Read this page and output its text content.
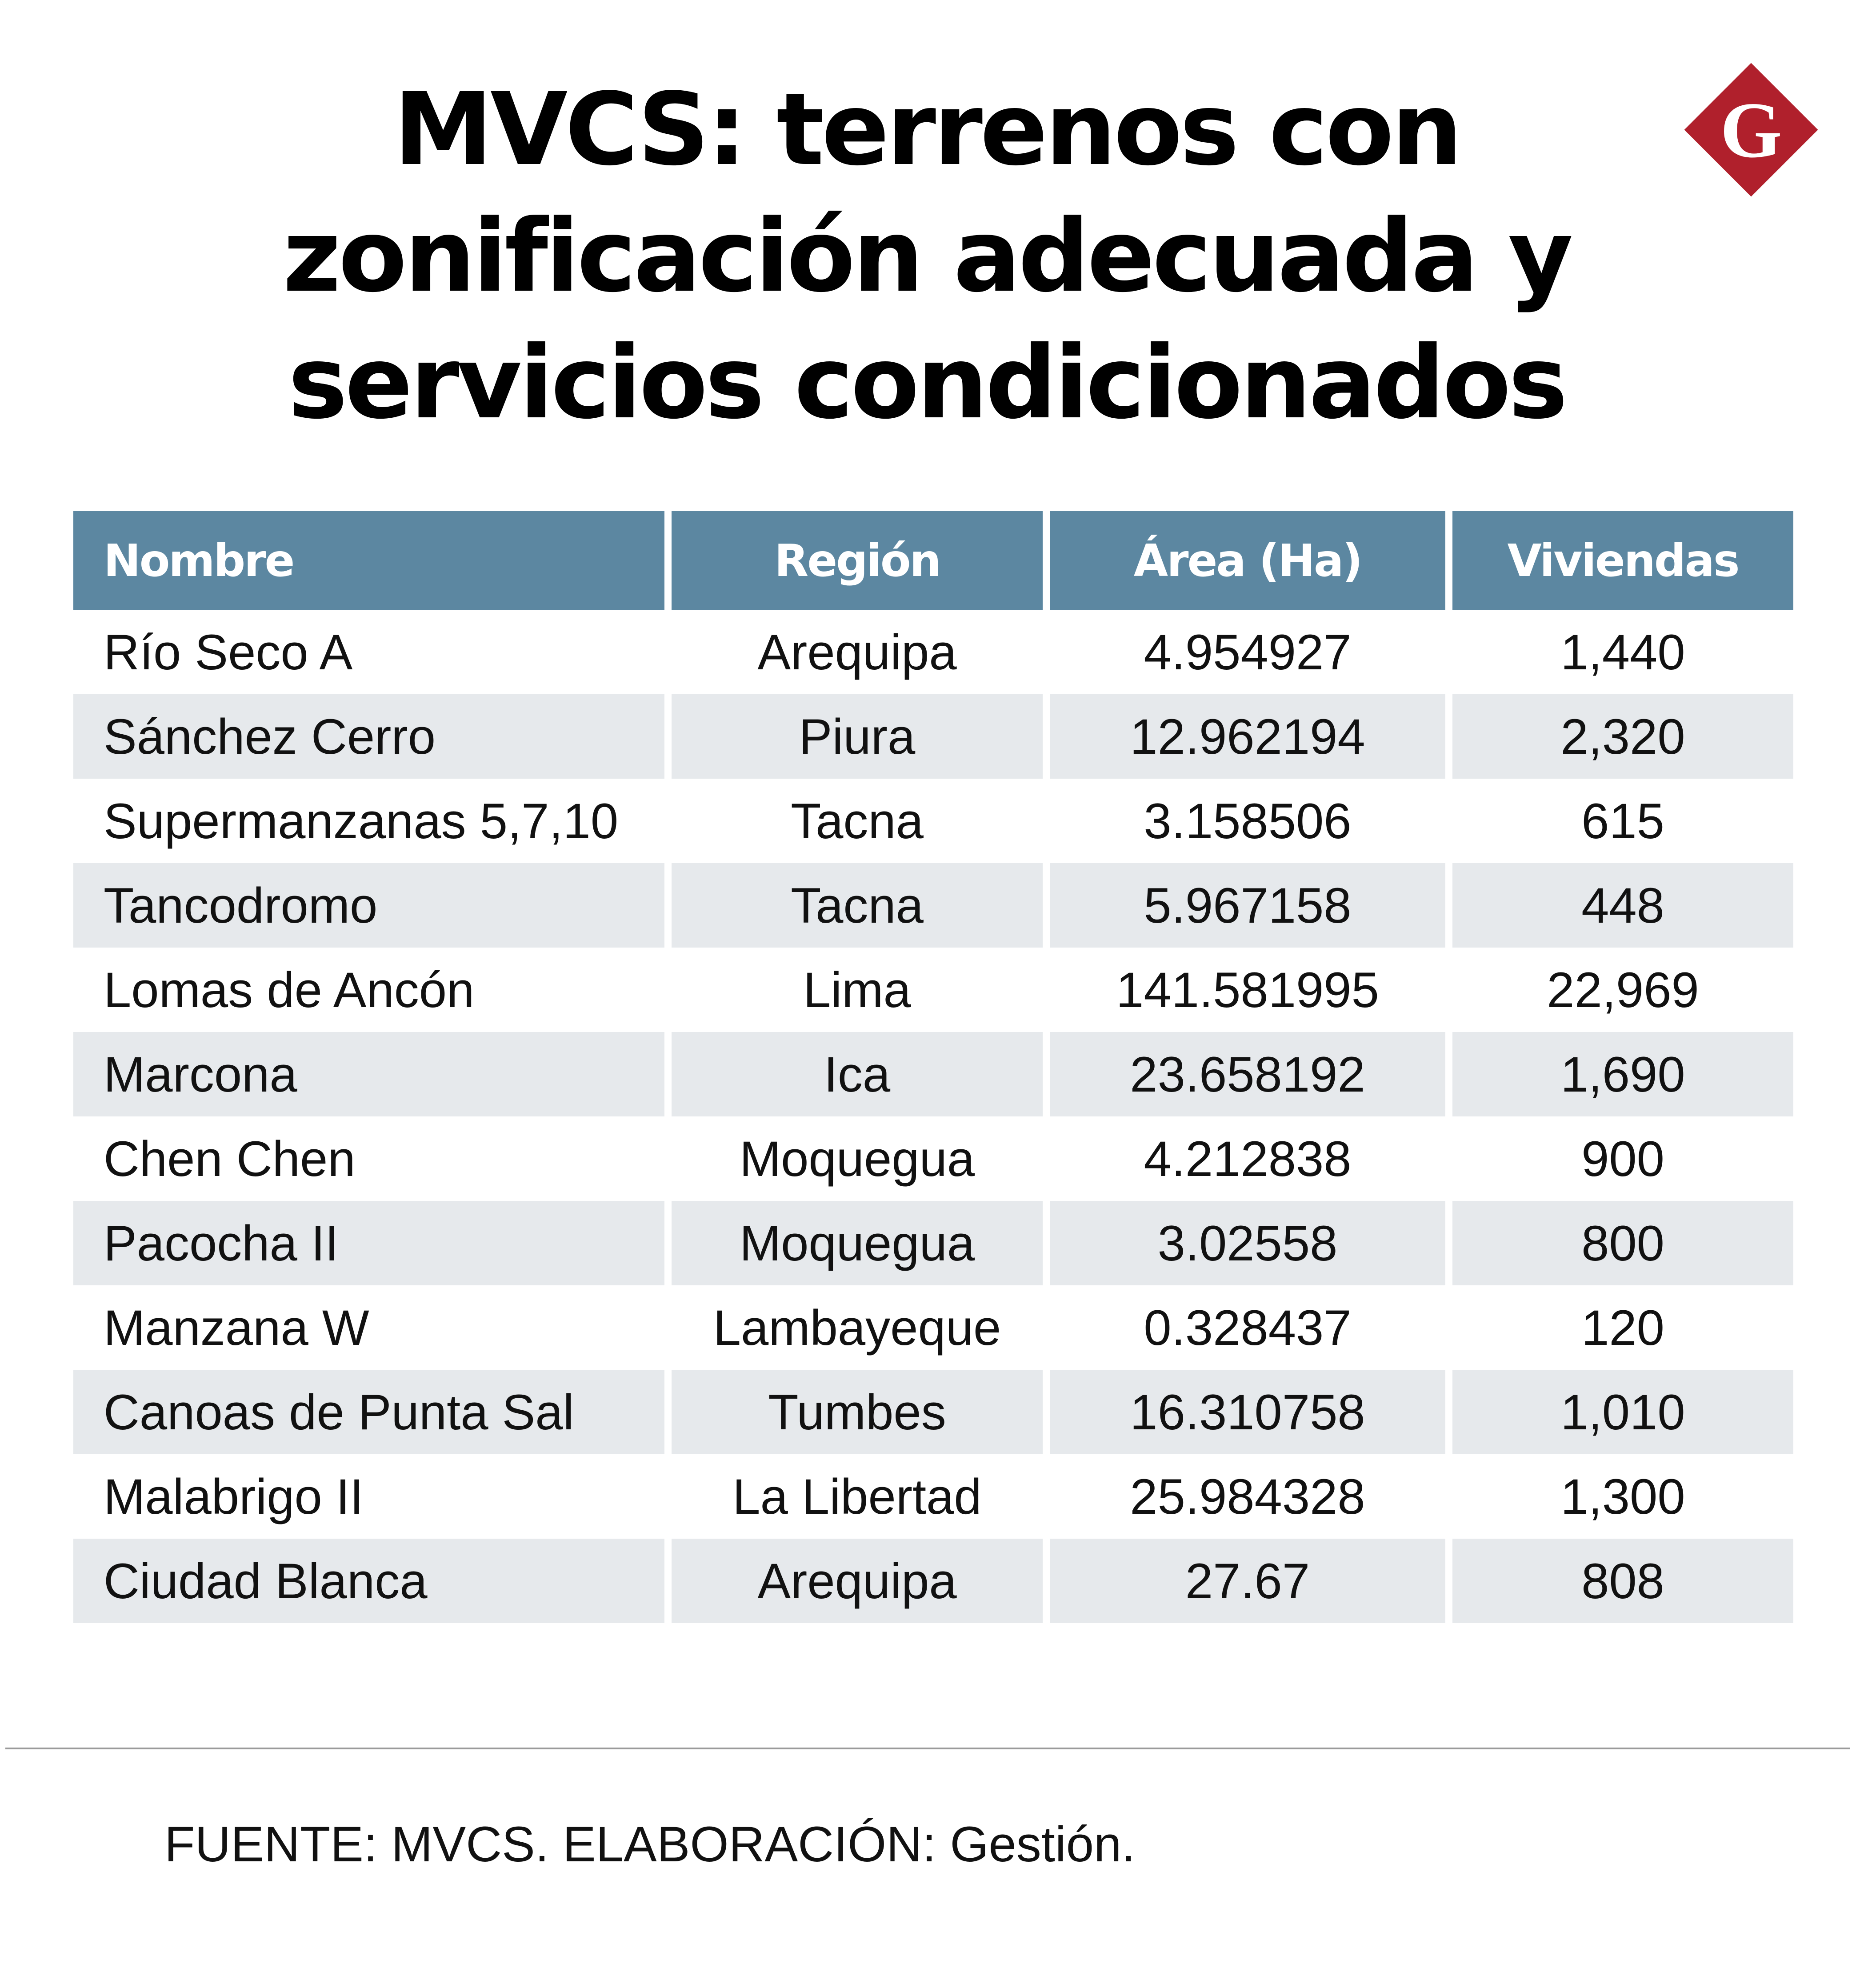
MVCS: terrenos con
zonificación adecuada y
servicios condicionados
G
Nombre	Región	Área (Ha)	Viviendas
Río Seco A	Arequipa	4.954927	1,440
Sánchez Cerro	Piura	12.962194	2,320
Supermanzanas 5,7,10	Tacna	3.158506	615
Tancodromo	Tacna	5.967158	448
Lomas de Ancón	Lima	141.581995	22,969
Marcona	Ica	23.658192	1,690
Chen Chen	Moquegua	4.212838	900
Pacocha II	Moquegua	3.02558	800
Manzana W	Lambayeque	0.328437	120
Canoas de Punta Sal	Tumbes	16.310758	1,010
Malabrigo II	La Libertad	25.984328	1,300
Ciudad Blanca	Arequipa	27.67	808
FUENTE: MVCS. ELABORACIÓN: Gestión.
